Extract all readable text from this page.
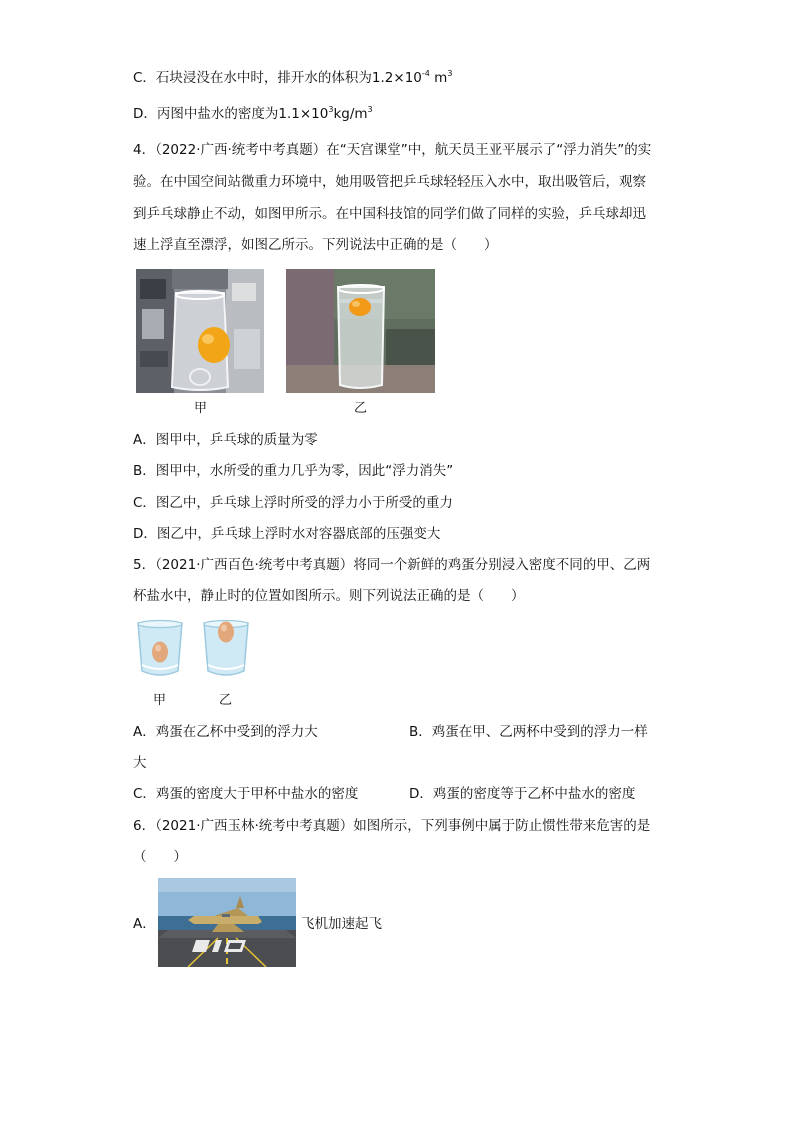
C．石块浸没在水中时，排开水的体积为$1.2\times 10^{-4}$ $m^3$
D．丙图中盐水的密度为$1.1\times 10^3kg/m^3$
4．（2022·广西·统考中考真题）在“天宫课堂”中，航天员王亚平展示了“浮力消失”的实
验。在中国空间站微重力环境中，她用吸管把乒乓球轻轻压入水中，取出吸管后，观察
到乒乓球静止不动，如图甲所示。在中国科技馆的同学们做了同样的实验，乒乓球却迅
速上浮直至漂浮，如图乙所示。下列说法中正确的是（　　）
甲	乙
A．图甲中，乒乓球的质量为零
B．图甲中，水所受的重力几乎为零，因此“浮力消失”
C．图乙中，乒乓球上浮时所受的浮力小于所受的重力
D．图乙中，乒乓球上浮时水对容器底部的压强变大
5．（2021·广西百色·统考中考真题）将同一个新鲜的鸡蛋分别浸入密度不同的甲、乙两
杯盐水中，静止时的位置如图所示。则下列说法正确的是（　　）
甲	乙
A．鸡蛋在乙杯中受到的浮力大	B．鸡蛋在甲、乙两杯中受到的浮力一样
大
C．鸡蛋的密度大于甲杯中盐水的密度	D．鸡蛋的密度等于乙杯中盐水的密度
6．（2021·广西玉林·统考中考真题）如图所示，下列事例中属于防止惯性带来危害的是
（　　）
A．	飞机加速起飞
